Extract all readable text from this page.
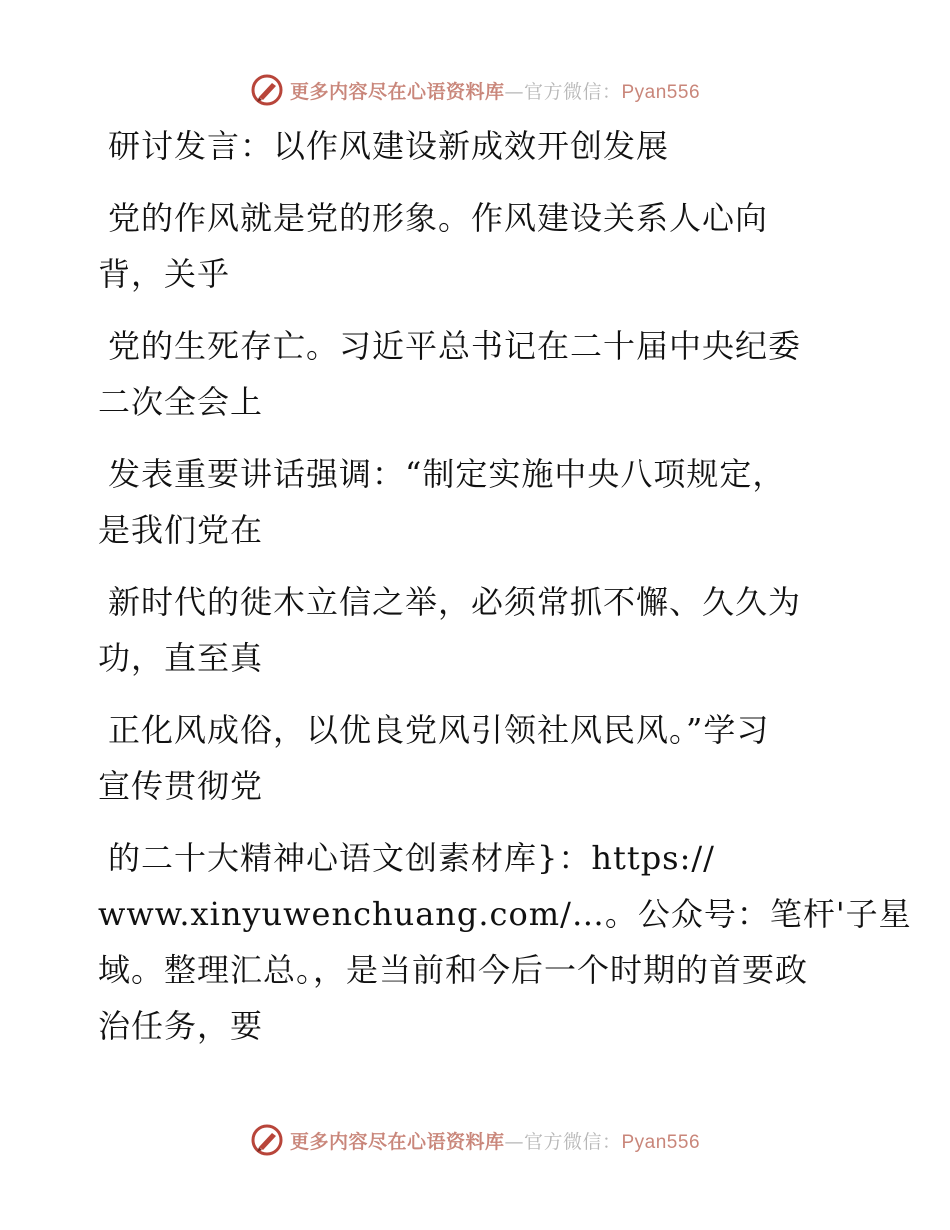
更多内容尽在心语资料库—官方微信：Pyan556
研讨发言：以作风建设新成效开创发展
党的作风就是党的形象。作风建设关系人心向
背，关乎
党的生死存亡。习近平总书记在二十届中央纪委
二次全会上
发表重要讲话强调：“制定实施中央八项规定，
是我们党在
新时代的徙木立信之举，必须常抓不懈、久久为
功，直至真
正化风成俗，以优良党风引领社风民风。”学习
宣传贯彻党
的二十大精神心语文创素材库}：https://
www.xinyuwenchuang.com/…。公众号：笔杆'子星
域。整理汇总。，是当前和今后一个时期的首要政
治任务，要
更多内容尽在心语资料库—官方微信：Pyan556
